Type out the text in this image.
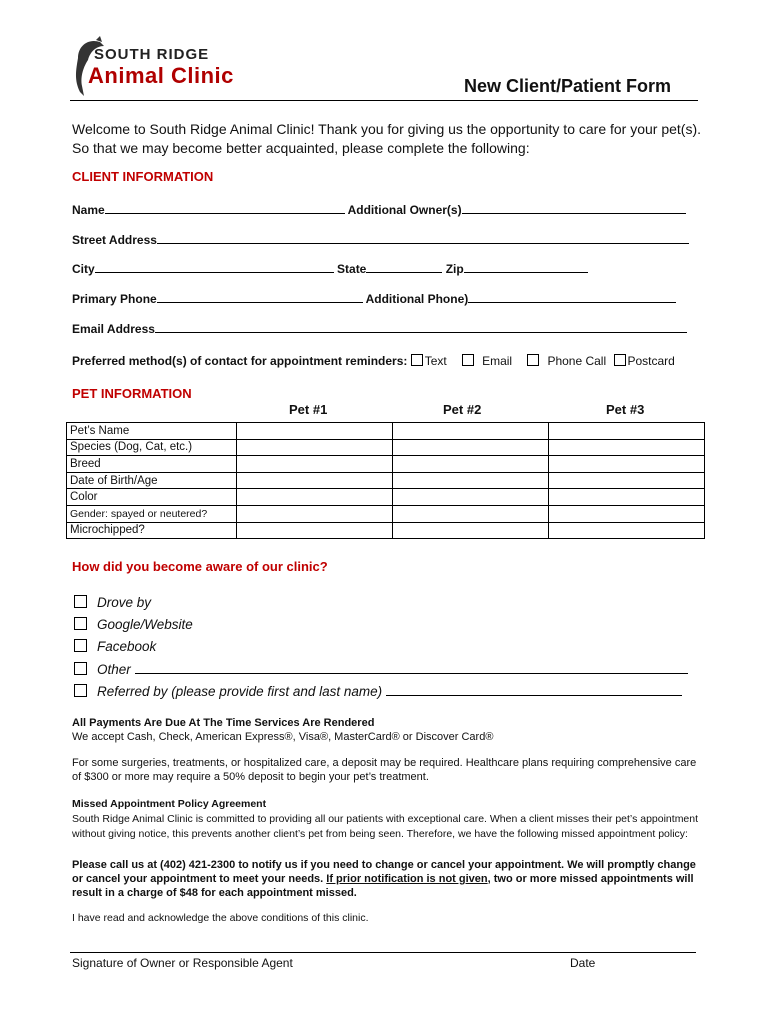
SOUTH RIDGE
Animal Clinic	New Client/Patient Form
Welcome to South Ridge Animal Clinic! Thank you for giving us the opportunity to care for your pet(s). So that we may become better acquainted, please complete the following:
CLIENT INFORMATION
Name	Additional Owner(s)
Street Address
City	State	Zip
Primary Phone	Additional Phone)
Email Address
Preferred method(s) of contact for appointment reminders: Text	Email	Phone Call Postcard
PET INFORMATION
Pet #1	Pet #2	Pet #3
Pet’s Name			
Species (Dog, Cat, etc.)			
Breed			
Date of Birth/Age			
Color			
Gender: spayed or neutered?			
Microchipped?			
How did you become aware of our clinic?
Drove by
Google/Website
Facebook
Other
Referred by (please provide first and last name)
All Payments Are Due At The Time Services Are Rendered
We accept Cash, Check, American Express®, Visa®, MasterCard® or Discover Card®
For some surgeries, treatments, or hospitalized care, a deposit may be required. Healthcare plans requiring comprehensive care of $300 or more may require a 50% deposit to begin your pet’s treatment.
Missed Appointment Policy Agreement
South Ridge Animal Clinic is committed to providing all our patients with exceptional care. When a client misses their pet’s appointment without giving notice, this prevents another client’s pet from being seen. Therefore, we have the following missed appointment policy:
Please call us at (402) 421-2300 to notify us if you need to change or cancel your appointment. We will promptly change or cancel your appointment to meet your needs. If prior notification is not given, two or more missed appointments will result in a charge of $48 for each appointment missed.
I have read and acknowledge the above conditions of this clinic.
Signature of Owner or Responsible Agent	Date
